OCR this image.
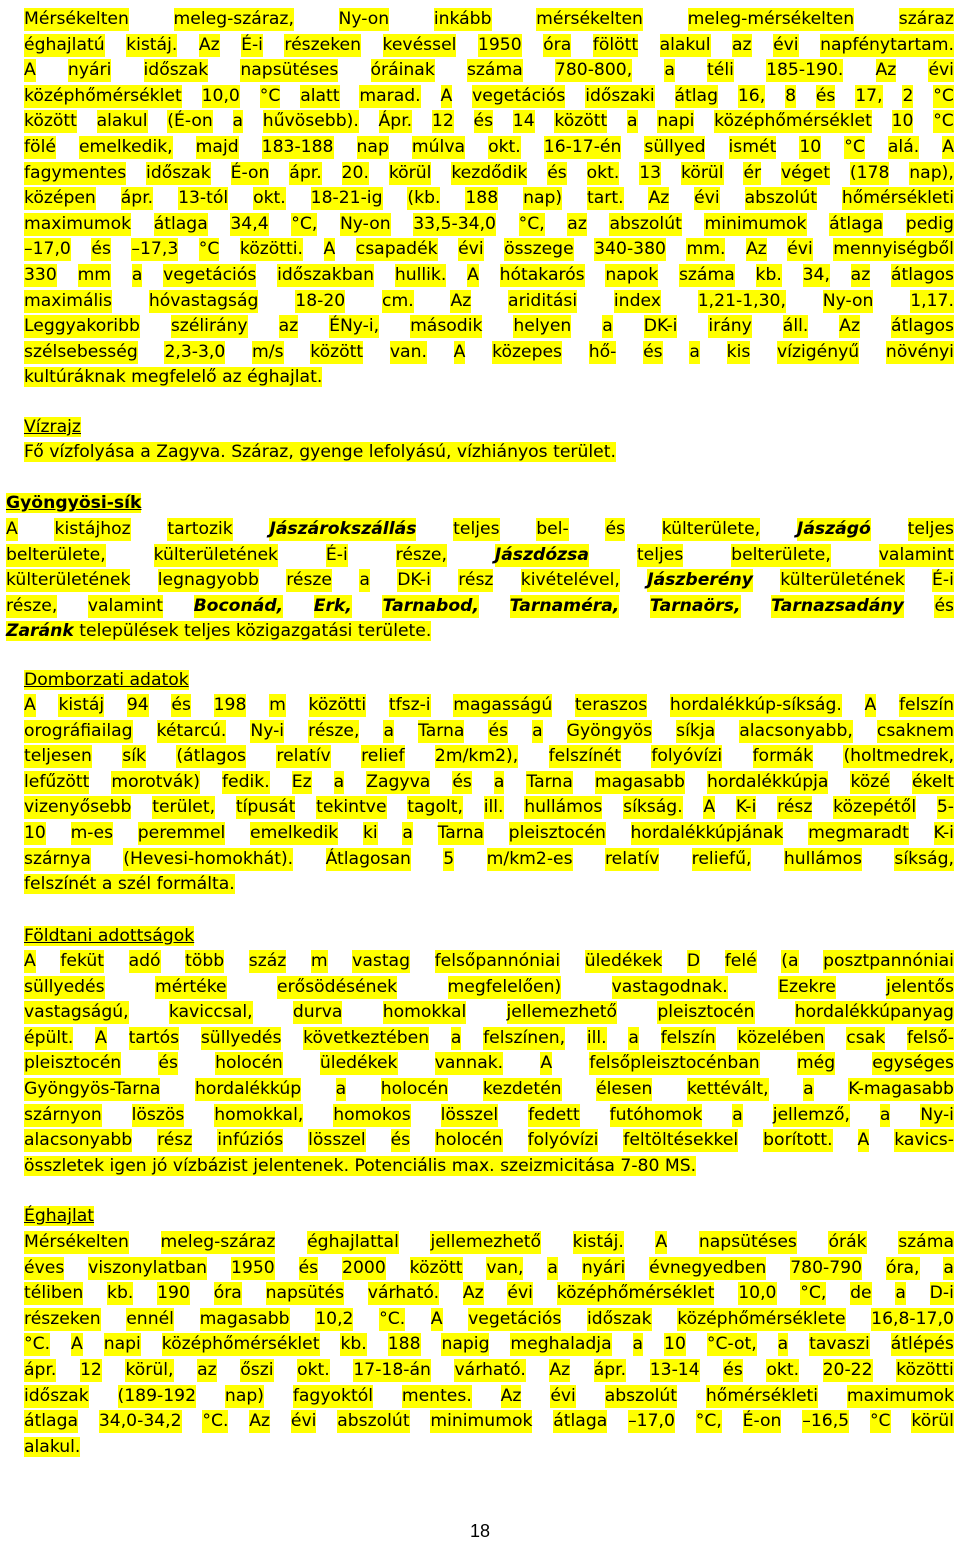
Vízrajz
Fő vízfolyása a Zagyva. Száraz, gyenge lefolyású, vízhiányos terület.
Gyöngyösi-sík
A kistájhoz tartozik Jászárokszállás teljes bel- és külterülete, Jászágó teljes
belterülete,	külterületének	É-i	része,	Jászdózsa	teljes	belterülete,	valamint
külterületének legnagyobb része a DK-i rész kivételével, Jászberény külterületének É-i
része, valamint Boconád, Erk, Tarnabod, Tarnaméra, Tarnaörs, Tarnazsadány és
Zaránk települések teljes közigazgatási területe.
Domborzati adatok
A kistáj 94 és 198 m közötti tfsz-i magasságú teraszos hordalékkúp-síkság. A felszín
orográfiailag kétarcú. Ny-i része, a Tarna és a Gyöngyös síkja alacsonyabb, csaknem
teljesen sík (átlagos relatív relief 2m/km2), felszínét folyóvízi formák (holtmedrek,
lefűzött morotvák) fedik. Ez a Zagyva és a Tarna magasabb hordalékkúpja közé ékelt
vizenyősebb terület, típusát tekintve tagolt, ill. hullámos síkság. A K-i rész közepétől 5-
10 m-es peremmel emelkedik ki a Tarna pleisztocén hordalékkúpjának megmaradt K-i
szárnya (Hevesi-homokhát). Átlagosan 5 m/km2-es relatív reliefű, hullámos síkság,
felszínét a szél formálta.
Földtani adottságok
A feküt adó több száz m vastag felsőpannóniai üledékek D felé (a posztpannóniai
süllyedés	mértéke	erősödésének	megfelelően)	vastagodnak.	Ezekre	jelentős
vastagságú, kaviccsal, durva homokkal jellemezhető pleisztocén hordalékkúpanyag
épült. A tartós süllyedés következtében a felszínen, ill. a felszín közelében csak felső-
pleisztocén és holocén üledékek vannak. A felsőpleisztocénban még egységes
Gyöngyös-Tarna hordalékkúp a holocén kezdetén élesen kettévált, a K-magasabb
szárnyon löszös homokkal, homokos lösszel fedett futóhomok a jellemző, a Ny-i
alacsonyabb rész infúziós lösszel és holocén folyóvízi feltöltésekkel borított. A kavics-
összletek igen jó vízbázist jelentenek. Potenciális max. szeizmicitása 7-80 MS.
Éghajlat
Mérsékelten meleg-száraz éghajlattal jellemezhető kistáj. A napsütéses órák száma
éves viszonylatban 1950 és 2000 között van, a nyári évnegyedben 780-790 óra, a
téliben kb. 190 óra napsütés várható. Az évi középhőmérséklet 10,0 °C, de a D-i
részeken ennél magasabb 10,2 °C. A vegetációs időszak középhőmérséklete 16,8-17,0
°C. A napi középhőmérséklet kb. 188 napig meghaladja a 10 °C-ot, a tavaszi átlépés
ápr. 12 körül, az őszi okt. 17-18-án várható. Az ápr. 13-14 és okt. 20-22 közötti
időszak (189-192 nap) fagyoktól mentes. Az évi abszolút hőmérsékleti maximumok
átlaga 34,0-34,2 °C. Az évi abszolút minimumok átlaga –17,0 °C, É-on –16,5 °C körül
alakul.
18
Mérsékelten	meleg-száraz,	Ny-on	inkább	mérsékelten	meleg-mérsékelten	száraz
éghajlatú kistáj. Az É-i részeken kevéssel 1950 óra fölött alakul az évi napfénytartam.
A nyári időszak napsütéses óráinak száma 780-800, a téli 185-190. Az évi
középhőmérséklet 10,0 °C alatt marad. A vegetációs időszaki átlag 16, 8 és 17, 2 °C
között alakul (É-on a hűvösebb). Ápr. 12 és 14 között a napi középhőmérséklet 10 °C
fölé emelkedik, majd 183-188 nap múlva okt. 16-17-én süllyed ismét 10 °C alá. A
fagymentes időszak É-on ápr. 20. körül kezdődik és okt. 13 körül ér véget (178 nap),
középen ápr. 13-tól okt. 18-21-ig (kb. 188 nap) tart. Az évi abszolút hőmérsékleti
maximumok átlaga 34,4 °C, Ny-on 33,5-34,0 °C, az abszolút minimumok átlaga pedig
–17,0 és –17,3 °C közötti. A csapadék évi összege 340-380 mm. Az évi mennyiségből
330 mm a vegetációs időszakban hullik. A hótakarós napok száma kb. 34, az átlagos
maximális hóvastagság 18-20 cm. Az ariditási index 1,21-1,30, Ny-on 1,17.
Leggyakoribb szélirány az ÉNy-i, második helyen a DK-i irány áll. Az átlagos
szélsebesség 2,3-3,0 m/s között van. A közepes hő- és a kis vízigényű növényi
kultúráknak megfelelő az éghajlat.
